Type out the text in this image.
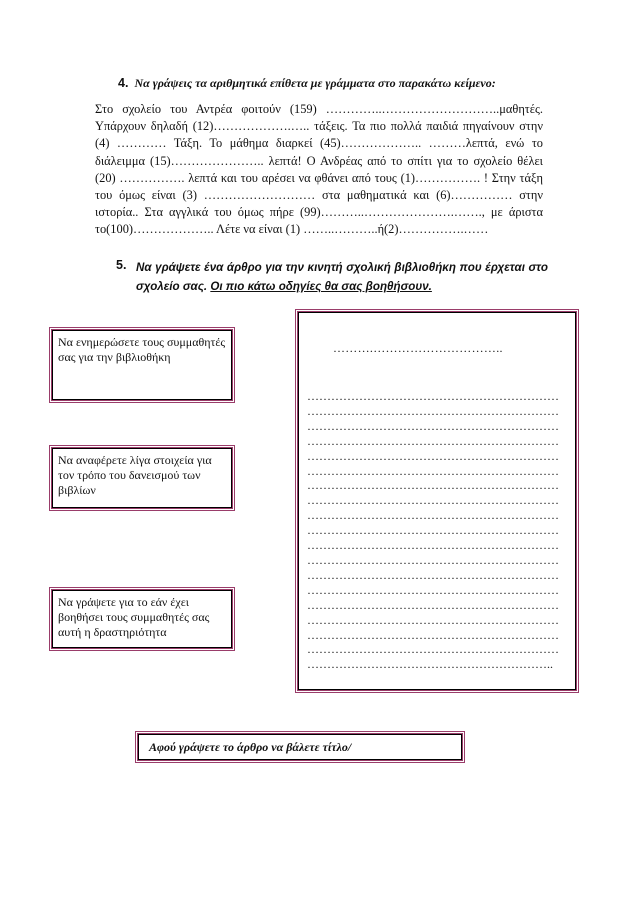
4. Να γράψεις τα αριθμητικά επίθετα με γράμματα στο παρακάτω κείμενο:
Στο σχολείο του Αντρέα φοιτούν (159) …………..………………………..μαθητές. Υπάρχουν δηλαδή (12)……………….….. τάξεις. Τα πιο πολλά παιδιά πηγαίνουν στην (4) ………… Τάξη. Το μάθημα διαρκεί (45)……………….. ………λεπτά, ενώ το διάλειμμα (15)………………….. λεπτά! Ο Ανδρέας από το σπίτι για το σχολείο θέλει (20) ……………. λεπτά και του αρέσει να φθάνει από τους (1)……………. ! Στην τάξη του όμως είναι (3) ……………………… στα μαθηματικά και (6)…………… στην ιστορία.. Στα αγγλικά του όμως πήρε (99)………..………………….……., με άριστα το(100)……………….. Λέτε να είναι (1) ……..………..ή(2)…………….……
5. Να γράψετε ένα άρθρο για την κινητή σχολική βιβλιοθήκη που έρχεται στο σχολείο σας. Οι πιο κάτω οδηγίες θα σας βοηθήσουν.
Να ενημερώσετε τους συμμαθητές σας για την βιβλιοθήκη
Να αναφέρετε λίγα στοιχεία για τον τρόπο του δανεισμού των βιβλίων
Να γράψετε για το εάν έχει βοηθήσει τους συμμαθητές σας αυτή η δραστηριότητα
……….…………………………..
………………………………………………………
………………………………………………………
………………………………………………………
………………………………………………………
………………………………………………………
………………………………………………………
………………………………………………………
………………………………………………………
………………………………………………………
………………………………………………………
………………………………………………………
………………………………………………………
………………………………………………………
………………………………………………………
………………………………………………………
………………………………………………………
………………………………………………………
………………………………………………………
……………………………………………………..
Αφού γράψετε το άρθρο να βάλετε τίτλο/
